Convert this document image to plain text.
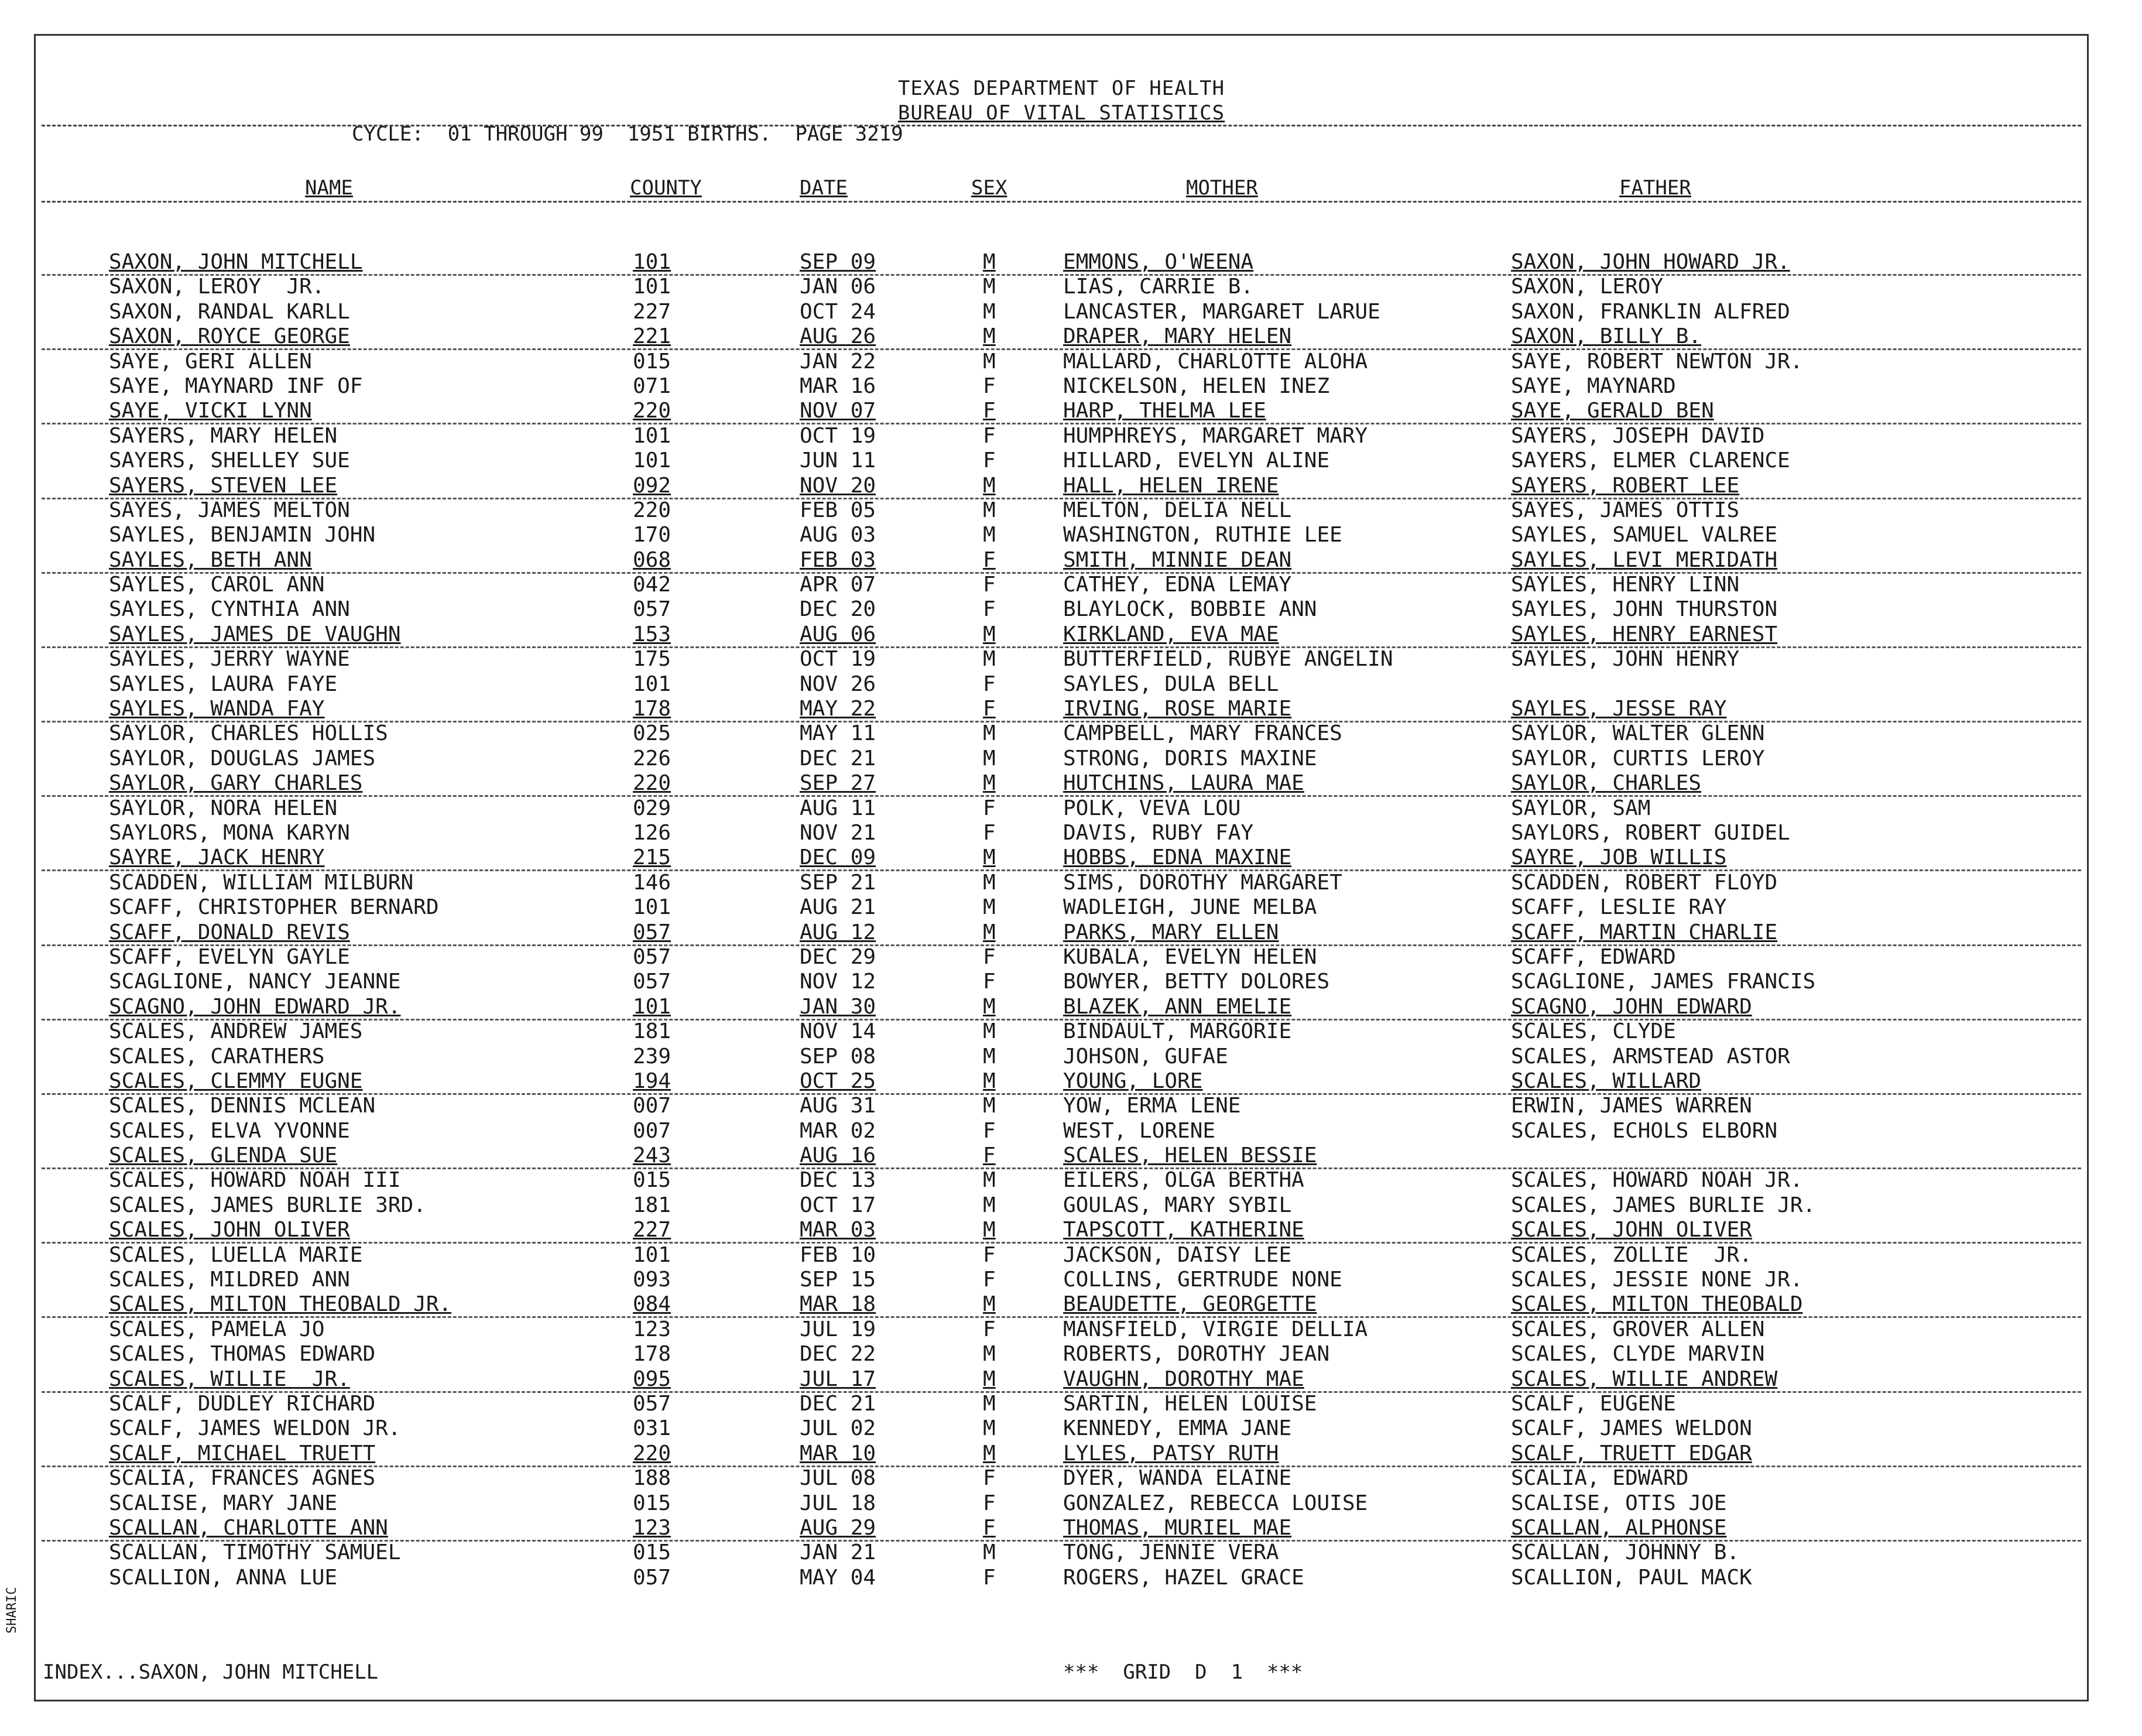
TEXAS DEPARTMENT OF HEALTH
BUREAU OF VITAL STATISTICS
CYCLE:  01 THROUGH 99  1951 BIRTHS.  PAGE 3219
NAME	COUNTY	DATE	SEX	MOTHER	FATHER
SAXON, JOHN MITCHELL	101	SEP 09	M	EMMONS, O'WEENA	SAXON, JOHN HOWARD JR.
SAXON, LEROY  JR.	101	JAN 06	M	LIAS, CARRIE B.	SAXON, LEROY
SAXON, RANDAL KARLL	227	OCT 24	M	LANCASTER, MARGARET LARUE	SAXON, FRANKLIN ALFRED
SAXON, ROYCE GEORGE	221	AUG 26	M	DRAPER, MARY HELEN	SAXON, BILLY B.
SAYE, GERI ALLEN	015	JAN 22	M	MALLARD, CHARLOTTE ALOHA	SAYE, ROBERT NEWTON JR.
SAYE, MAYNARD INF OF	071	MAR 16	F	NICKELSON, HELEN INEZ	SAYE, MAYNARD
SAYE, VICKI LYNN	220	NOV 07	F	HARP, THELMA LEE	SAYE, GERALD BEN
SAYERS, MARY HELEN	101	OCT 19	F	HUMPHREYS, MARGARET MARY	SAYERS, JOSEPH DAVID
SAYERS, SHELLEY SUE	101	JUN 11	F	HILLARD, EVELYN ALINE	SAYERS, ELMER CLARENCE
SAYERS, STEVEN LEE	092	NOV 20	M	HALL, HELEN IRENE	SAYERS, ROBERT LEE
SAYES, JAMES MELTON	220	FEB 05	M	MELTON, DELIA NELL	SAYES, JAMES OTTIS
SAYLES, BENJAMIN JOHN	170	AUG 03	M	WASHINGTON, RUTHIE LEE	SAYLES, SAMUEL VALREE
SAYLES, BETH ANN	068	FEB 03	F	SMITH, MINNIE DEAN	SAYLES, LEVI MERIDATH
SAYLES, CAROL ANN	042	APR 07	F	CATHEY, EDNA LEMAY	SAYLES, HENRY LINN
SAYLES, CYNTHIA ANN	057	DEC 20	F	BLAYLOCK, BOBBIE ANN	SAYLES, JOHN THURSTON
SAYLES, JAMES DE VAUGHN	153	AUG 06	M	KIRKLAND, EVA MAE	SAYLES, HENRY EARNEST
SAYLES, JERRY WAYNE	175	OCT 19	M	BUTTERFIELD, RUBYE ANGELIN	SAYLES, JOHN HENRY
SAYLES, LAURA FAYE	101	NOV 26	F	SAYLES, DULA BELL
SAYLES, WANDA FAY	178	MAY 22	F	IRVING, ROSE MARIE	SAYLES, JESSE RAY
SAYLOR, CHARLES HOLLIS	025	MAY 11	M	CAMPBELL, MARY FRANCES	SAYLOR, WALTER GLENN
SAYLOR, DOUGLAS JAMES	226	DEC 21	M	STRONG, DORIS MAXINE	SAYLOR, CURTIS LEROY
SAYLOR, GARY CHARLES	220	SEP 27	M	HUTCHINS, LAURA MAE	SAYLOR, CHARLES
SAYLOR, NORA HELEN	029	AUG 11	F	POLK, VEVA LOU	SAYLOR, SAM
SAYLORS, MONA KARYN	126	NOV 21	F	DAVIS, RUBY FAY	SAYLORS, ROBERT GUIDEL
SAYRE, JACK HENRY	215	DEC 09	M	HOBBS, EDNA MAXINE	SAYRE, JOB WILLIS
SCADDEN, WILLIAM MILBURN	146	SEP 21	M	SIMS, DOROTHY MARGARET	SCADDEN, ROBERT FLOYD
SCAFF, CHRISTOPHER BERNARD	101	AUG 21	M	WADLEIGH, JUNE MELBA	SCAFF, LESLIE RAY
SCAFF, DONALD REVIS	057	AUG 12	M	PARKS, MARY ELLEN	SCAFF, MARTIN CHARLIE
SCAFF, EVELYN GAYLE	057	DEC 29	F	KUBALA, EVELYN HELEN	SCAFF, EDWARD
SCAGLIONE, NANCY JEANNE	057	NOV 12	F	BOWYER, BETTY DOLORES	SCAGLIONE, JAMES FRANCIS
SCAGNO, JOHN EDWARD JR.	101	JAN 30	M	BLAZEK, ANN EMELIE	SCAGNO, JOHN EDWARD
SCALES, ANDREW JAMES	181	NOV 14	M	BINDAULT, MARGORIE	SCALES, CLYDE
SCALES, CARATHERS	239	SEP 08	M	JOHSON, GUFAE	SCALES, ARMSTEAD ASTOR
SCALES, CLEMMY EUGNE	194	OCT 25	M	YOUNG, LORE	SCALES, WILLARD
SCALES, DENNIS MCLEAN	007	AUG 31	M	YOW, ERMA LENE	ERWIN, JAMES WARREN
SCALES, ELVA YVONNE	007	MAR 02	F	WEST, LORENE	SCALES, ECHOLS ELBORN
SCALES, GLENDA SUE	243	AUG 16	F	SCALES, HELEN BESSIE
SCALES, HOWARD NOAH III	015	DEC 13	M	EILERS, OLGA BERTHA	SCALES, HOWARD NOAH JR.
SCALES, JAMES BURLIE 3RD.	181	OCT 17	M	GOULAS, MARY SYBIL	SCALES, JAMES BURLIE JR.
SCALES, JOHN OLIVER	227	MAR 03	M	TAPSCOTT, KATHERINE	SCALES, JOHN OLIVER
SCALES, LUELLA MARIE	101	FEB 10	F	JACKSON, DAISY LEE	SCALES, ZOLLIE  JR.
SCALES, MILDRED ANN	093	SEP 15	F	COLLINS, GERTRUDE NONE	SCALES, JESSIE NONE JR.
SCALES, MILTON THEOBALD JR.	084	MAR 18	M	BEAUDETTE, GEORGETTE	SCALES, MILTON THEOBALD
SCALES, PAMELA JO	123	JUL 19	F	MANSFIELD, VIRGIE DELLIA	SCALES, GROVER ALLEN
SCALES, THOMAS EDWARD	178	DEC 22	M	ROBERTS, DOROTHY JEAN	SCALES, CLYDE MARVIN
SCALES, WILLIE  JR.	095	JUL 17	M	VAUGHN, DOROTHY MAE	SCALES, WILLIE ANDREW
SCALF, DUDLEY RICHARD	057	DEC 21	M	SARTIN, HELEN LOUISE	SCALF, EUGENE
SCALF, JAMES WELDON JR.	031	JUL 02	M	KENNEDY, EMMA JANE	SCALF, JAMES WELDON
SCALF, MICHAEL TRUETT	220	MAR 10	M	LYLES, PATSY RUTH	SCALF, TRUETT EDGAR
SCALIA, FRANCES AGNES	188	JUL 08	F	DYER, WANDA ELAINE	SCALIA, EDWARD
SCALISE, MARY JANE	015	JUL 18	F	GONZALEZ, REBECCA LOUISE	SCALISE, OTIS JOE
SCALLAN, CHARLOTTE ANN	123	AUG 29	F	THOMAS, MURIEL MAE	SCALLAN, ALPHONSE
SCALLAN, TIMOTHY SAMUEL	015	JAN 21	M	TONG, JENNIE VERA	SCALLAN, JOHNNY B.
SCALLION, ANNA LUE	057	MAY 04	F	ROGERS, HAZEL GRACE	SCALLION, PAUL MACK
INDEX...SAXON, JOHN MITCHELL	***  GRID  D  1  ***
SHARIC
